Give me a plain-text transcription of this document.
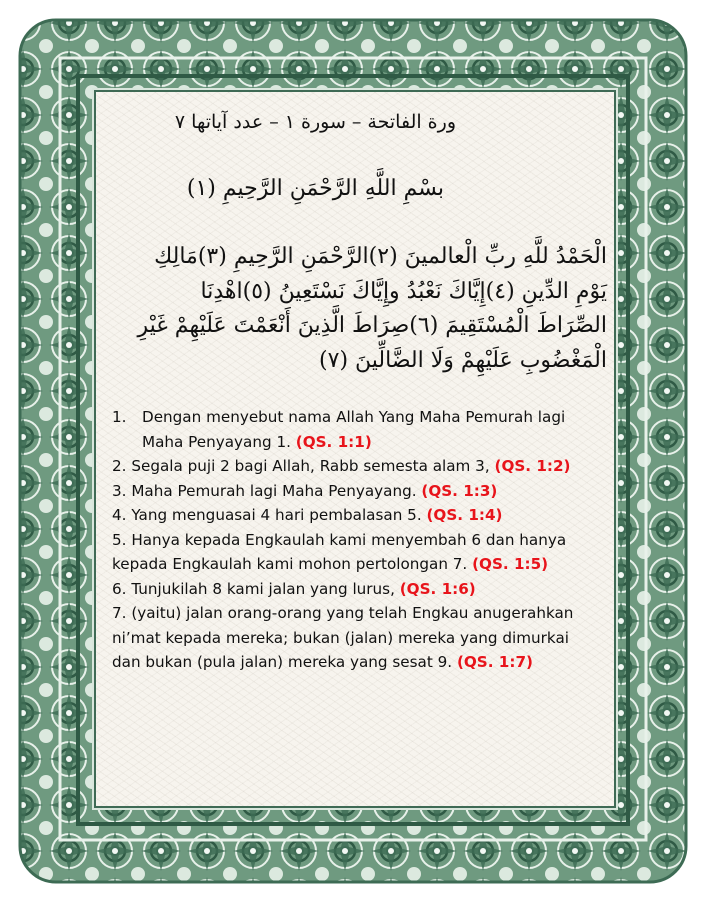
ورة الفاتحة – سورة ١ – عدد آياتها ٧
بسْمِ اللَّهِ الرَّحْمَنِ الرَّحِيمِ (١)
الْحَمْدُ للَّهِ ربِّ الْعالمينَ (٢)الرَّحْمَنِ الرَّحِيمِ (٣)مَالِكِ
يَوْمِ الدِّينِ (٤)إِيَّاكَ نَعْبُدُ وإِيَّاكَ نَسْتَعِينُ (٥)اهْدِنَا
الصِّرَاطَ الْمُسْتَقِيمَ (٦)صِرَاطَ الَّذِينَ أَنْعَمْتَ عَلَيْهِمْ غَيْرِ
الْمَغْضُوبِ عَلَيْهِمْ وَلَا الضَّالِّينَ (٧)

1. Dengan menyebut nama Allah Yang Maha Pemurah lagi Maha Penyayang 1. (QS. 1:1)

2. Segala puji 2 bagi Allah, Rabb semesta alam 3, (QS. 1:2)

3. Maha Pemurah lagi Maha Penyayang. (QS. 1:3)

4. Yang menguasai 4 hari pembalasan 5. (QS. 1:4)

5. Hanya kepada Engkaulah kami menyembah 6 dan hanya kepada Engkaulah kami mohon pertolongan 7. (QS. 1:5)

6. Tunjukilah 8 kami jalan yang lurus, (QS. 1:6)

7. (yaitu) jalan orang-orang yang telah Engkau anugerahkan ni’mat kepada mereka; bukan (jalan) mereka yang dimurkai dan bukan (pula jalan) mereka yang sesat 9. (QS. 1:7)
